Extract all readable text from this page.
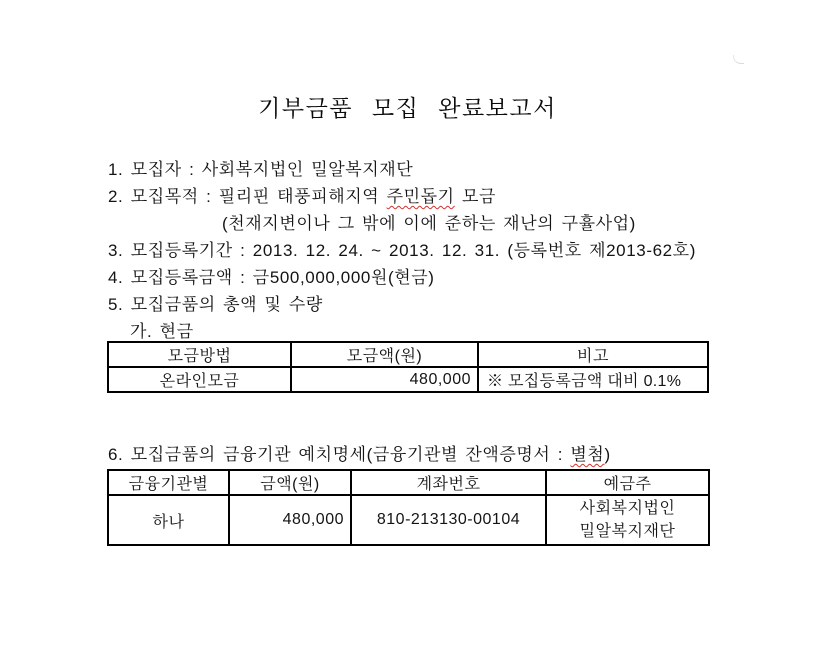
기부금품 모집 완료보고서
1. 모집자 : 사회복지법인 밀알복지재단
2. 모집목적 : 필리핀 태풍피해지역 주민돕기 모금
(천재지변이나 그 밖에 이에 준하는 재난의 구휼사업)
3. 모집등록기간 : 2013. 12. 24. ~ 2013. 12. 31. (등록번호 제2013-62호)
4. 모집등록금액 : 금500,000,000원(현금)
5. 모집금품의 총액 및 수량
가. 현금
모금방법	모금액(원)	비고
온라인모금	480,000	※ 모집등록금액 대비 0.1%
6. 모집금품의 금융기관 예치명세(금융기관별 잔액증명서 : 별첨)
금융기관별	금액(원)	계좌번호	예금주
하나	480,000	810-213130-00104	사회복지법인
밀알복지재단
